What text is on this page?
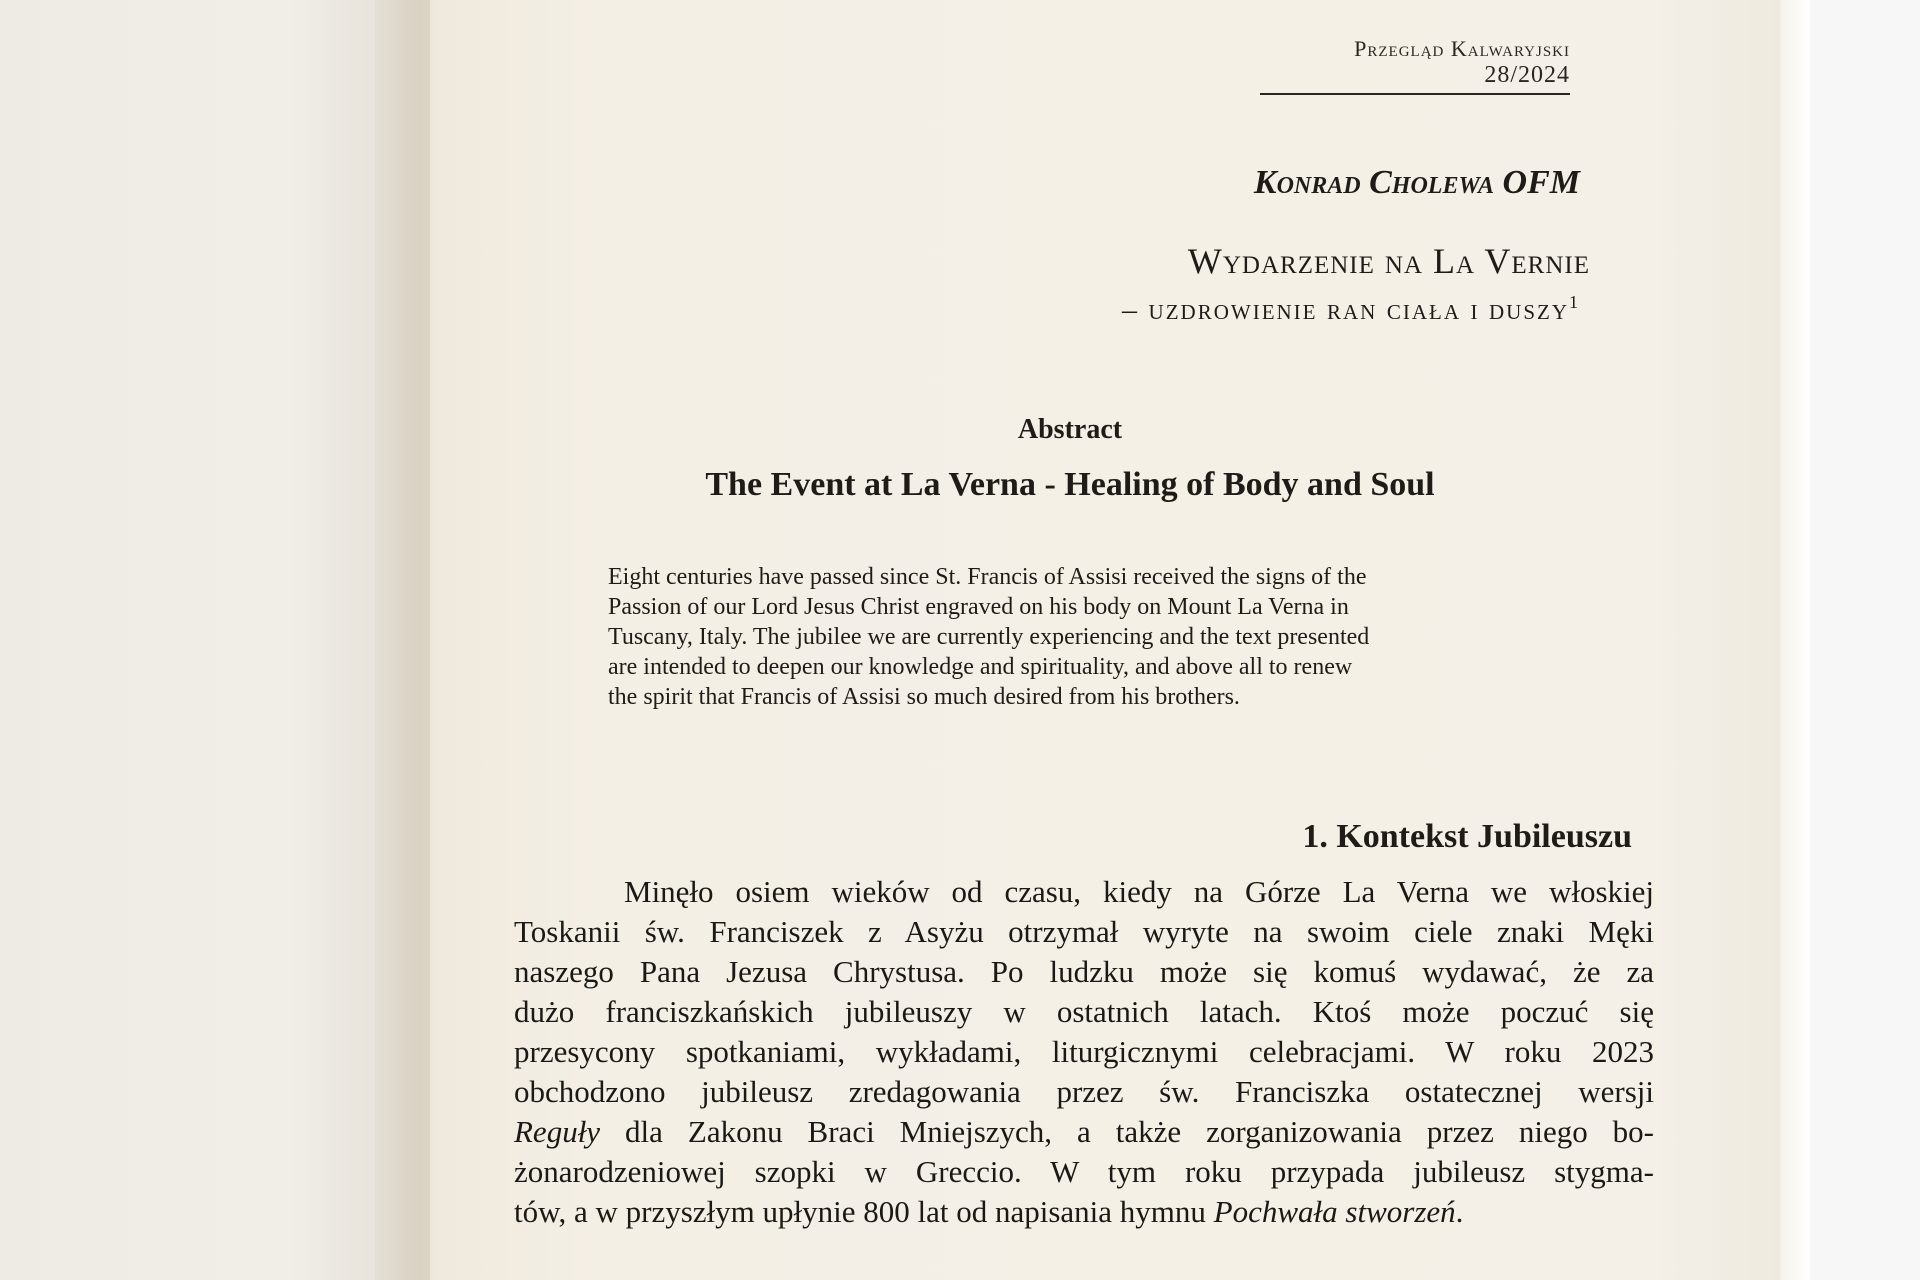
Przegląd Kalwaryjski
28/2024
Konrad Cholewa OFM
Wydarzenie na La Vernie
– uzdrowienie ran ciała i duszy$^1$
Abstract
The Event at La Verna - Healing of Body and Soul
Eight centuries have passed since St. Francis of Assisi received the signs of the
Passion of our Lord Jesus Christ engraved on his body on Mount La Verna in
Tuscany, Italy. The jubilee we are currently experiencing and the text presented
are intended to deepen our knowledge and spirituality, and above all to renew
the spirit that Francis of Assisi so much desired from his brothers.
1. Kontekst Jubileuszu
Minęło osiem wieków od czasu, kiedy na Górze La Verna we włoskiej
Toskanii św. Franciszek z Asyżu otrzymał wyryte na swoim ciele znaki Męki
naszego Pana Jezusa Chrystusa. Po ludzku może się komuś wydawać, że za
dużo franciszkańskich jubileuszy w ostatnich latach. Ktoś może poczuć się
przesycony spotkaniami, wykładami, liturgicznymi celebracjami. W roku 2023
obchodzono jubileusz zredagowania przez św. Franciszka ostatecznej wersji
Reguły dla Zakonu Braci Mniejszych, a także zorganizowania przez niego bo-
żonarodzeniowej szopki w Greccio. W tym roku przypada jubileusz stygma-
tów, a w przyszłym upłynie 800 lat od napisania hymnu Pochwała stworzeń.
